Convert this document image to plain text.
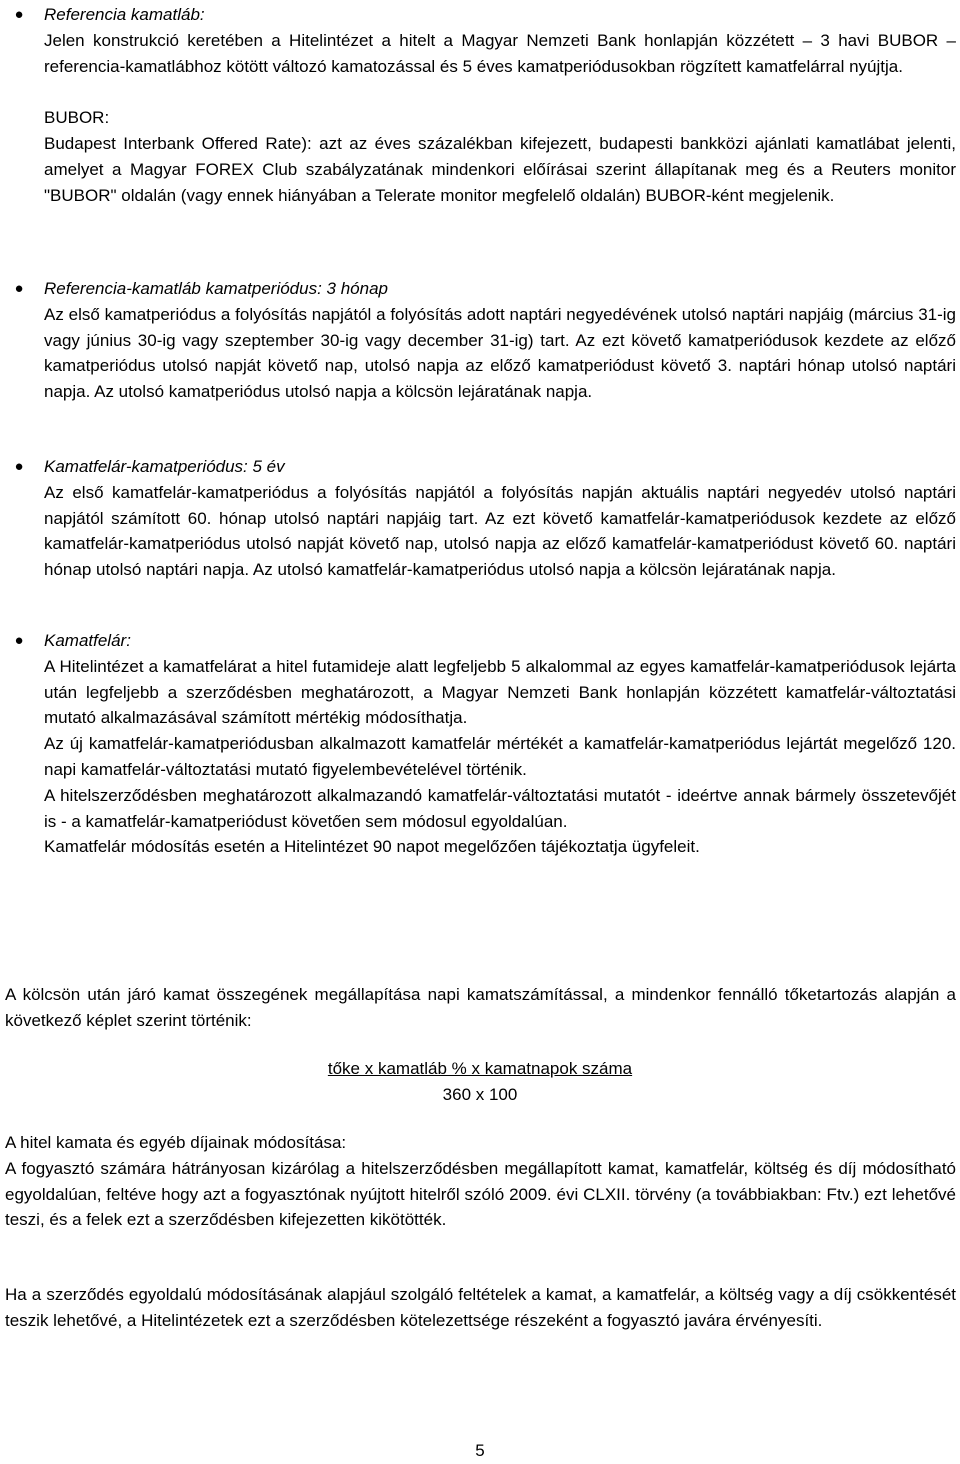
● Referencia kamatláb:

Jelen konstrukció keretében a Hitelintézet a hitelt a Magyar Nemzeti Bank honlapján közzétett – 3 havi BUBOR – referencia-kamatlábhoz kötött változó kamatozással és 5 éves kamatperiódusokban rögzített kamatfelárral nyújtja.

BUBOR:

Budapest Interbank Offered Rate): azt az éves százalékban kifejezett, budapesti bankközi ajánlati kamatlábat jelenti, amelyet a Magyar FOREX Club szabályzatának mindenkori előírásai szerint állapítanak meg és a Reuters monitor "BUBOR" oldalán (vagy ennek hiányában a Telerate monitor megfelelő oldalán) BUBOR-ként megjelenik.

● Referencia-kamatláb kamatperiódus: 3 hónap

Az első kamatperiódus a folyósítás napjától a folyósítás adott naptári negyedévének utolsó naptári napjáig (március 31-ig vagy június 30-ig vagy szeptember 30-ig vagy december 31-ig) tart. Az ezt követő kamatperiódusok kezdete az előző kamatperiódus utolsó napját követő nap, utolsó napja az előző kamatperiódust követő 3. naptári hónap utolsó naptári napja. Az utolsó kamatperiódus utolsó napja a kölcsön lejáratának napja.

● Kamatfelár-kamatperiódus: 5 év

Az első kamatfelár-kamatperiódus a folyósítás napjától a folyósítás napján aktuális naptári negyedév utolsó naptári napjától számított 60. hónap utolsó naptári napjáig tart. Az ezt követő kamatfelár-kamatperiódusok kezdete az előző kamatfelár-kamatperiódus utolsó napját követő nap, utolsó napja az előző kamatfelár-kamatperiódust követő 60. naptári hónap utolsó naptári napja. Az utolsó kamatfelár-kamatperiódus utolsó napja a kölcsön lejáratának napja.

● Kamatfelár:

A Hitelintézet a kamatfelárat a hitel futamideje alatt legfeljebb 5 alkalommal az egyes kamatfelár-kamatperiódusok lejárta után legfeljebb a szerződésben meghatározott, a Magyar Nemzeti Bank honlapján közzétett kamatfelár-változtatási mutató alkalmazásával számított mértékig módosíthatja.

Az új kamatfelár-kamatperiódusban alkalmazott kamatfelár mértékét a kamatfelár-kamatperiódus lejártát megelőző 120. napi kamatfelár-változtatási mutató figyelembevételével történik.

A hitelszerződésben meghatározott alkalmazandó kamatfelár-változtatási mutatót - ideértve annak bármely összetevőjét is - a kamatfelár-kamatperiódust követően sem módosul egyoldalúan.

Kamatfelár módosítás esetén a Hitelintézet 90 napot megelőzően tájékoztatja ügyfeleit.

A kölcsön után járó kamat összegének megállapítása napi kamatszámítással, a mindenkor fennálló tőketartozás alapján a következő képlet szerint történik:
tőke x kamatláb % x kamatnapok száma
360 x 100

A hitel kamata és egyéb díjainak módosítása:

A fogyasztó számára hátrányosan kizárólag a hitelszerződésben megállapított kamat, kamatfelár, költség és díj módosítható egyoldalúan, feltéve hogy azt a fogyasztónak nyújtott hitelről szóló 2009. évi CLXII. törvény (a továbbiakban: Ftv.) ezt lehetővé teszi, és a felek ezt a szerződésben kifejezetten kikötötték.

Ha a szerződés egyoldalú módosításának alapjául szolgáló feltételek a kamat, a kamatfelár, a költség vagy a díj csökkentését teszik lehetővé, a Hitelintézetek ezt a szerződésben kötelezettsége részeként a fogyasztó javára érvényesíti.
5
